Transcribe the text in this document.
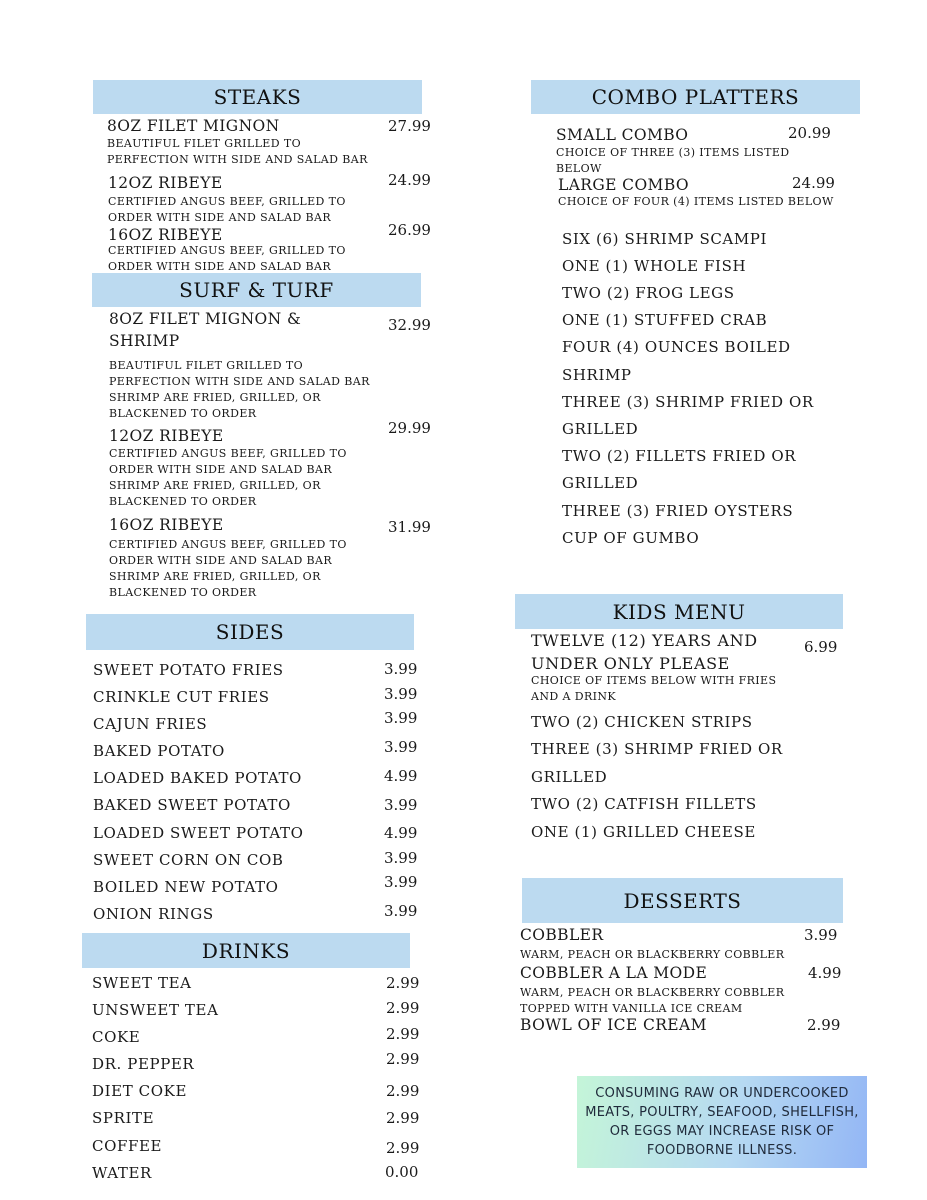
STEAKS
8OZ FILET MIGNON	27.99
BEAUTIFUL FILET GRILLED TO
PERFECTION WITH SIDE AND SALAD BAR
12OZ RIBEYE	24.99
CERTIFIED ANGUS BEEF, GRILLED TO
ORDER WITH SIDE AND SALAD BAR
16OZ RIBEYE	26.99
CERTIFIED ANGUS BEEF, GRILLED TO
ORDER WITH SIDE AND SALAD BAR
SURF & TURF
8OZ FILET MIGNON &
SHRIMP
32.99
BEAUTIFUL FILET GRILLED TO
PERFECTION WITH SIDE AND SALAD BAR
SHRIMP ARE FRIED, GRILLED, OR
BLACKENED TO ORDER
12OZ RIBEYE	29.99
CERTIFIED ANGUS BEEF, GRILLED TO
ORDER WITH SIDE AND SALAD BAR
SHRIMP ARE FRIED, GRILLED, OR
BLACKENED TO ORDER
16OZ RIBEYE	31.99
CERTIFIED ANGUS BEEF, GRILLED TO
ORDER WITH SIDE AND SALAD BAR
SHRIMP ARE FRIED, GRILLED, OR
BLACKENED TO ORDER
SIDES
SWEET POTATO FRIES	3.99
CRINKLE CUT FRIES	3.99
CAJUN FRIES	3.99
BAKED POTATO	3.99
LOADED BAKED POTATO	4.99
BAKED SWEET POTATO	3.99
LOADED SWEET POTATO	4.99
SWEET CORN ON COB	3.99
BOILED NEW POTATO	3.99
ONION RINGS	3.99
DRINKS
SWEET TEA	2.99
UNSWEET TEA	2.99
COKE	2.99
DR. PEPPER	2.99
DIET COKE	2.99
SPRITE	2.99
COFFEE	2.99
WATER	0.00
COMBO PLATTERS
SMALL COMBO	20.99
CHOICE OF THREE (3) ITEMS LISTED
BELOW
LARGE COMBO	24.99
CHOICE OF FOUR (4) ITEMS LISTED BELOW
SIX (6) SHRIMP SCAMPI
ONE (1) WHOLE FISH
TWO (2) FROG LEGS
ONE (1) STUFFED CRAB
FOUR (4) OUNCES BOILED
SHRIMP
THREE (3) SHRIMP FRIED OR
GRILLED
TWO (2) FILLETS FRIED OR
GRILLED
THREE (3) FRIED OYSTERS
CUP OF GUMBO
KIDS MENU
TWELVE (12) YEARS AND
UNDER ONLY PLEASE
6.99
CHOICE OF ITEMS BELOW WITH FRIES
AND A DRINK
TWO (2) CHICKEN STRIPS
THREE (3) SHRIMP FRIED OR
GRILLED
TWO (2) CATFISH FILLETS
ONE (1) GRILLED CHEESE
DESSERTS
COBBLER	3.99
WARM, PEACH OR BLACKBERRY COBBLER
COBBLER A LA MODE	4.99
WARM, PEACH OR BLACKBERRY COBBLER
TOPPED WITH VANILLA ICE CREAM
BOWL OF ICE CREAM	2.99
CONSUMING RAW OR UNDERCOOKED
MEATS, POULTRY, SEAFOOD, SHELLFISH,
OR EGGS MAY INCREASE RISK OF
FOODBORNE ILLNESS.
